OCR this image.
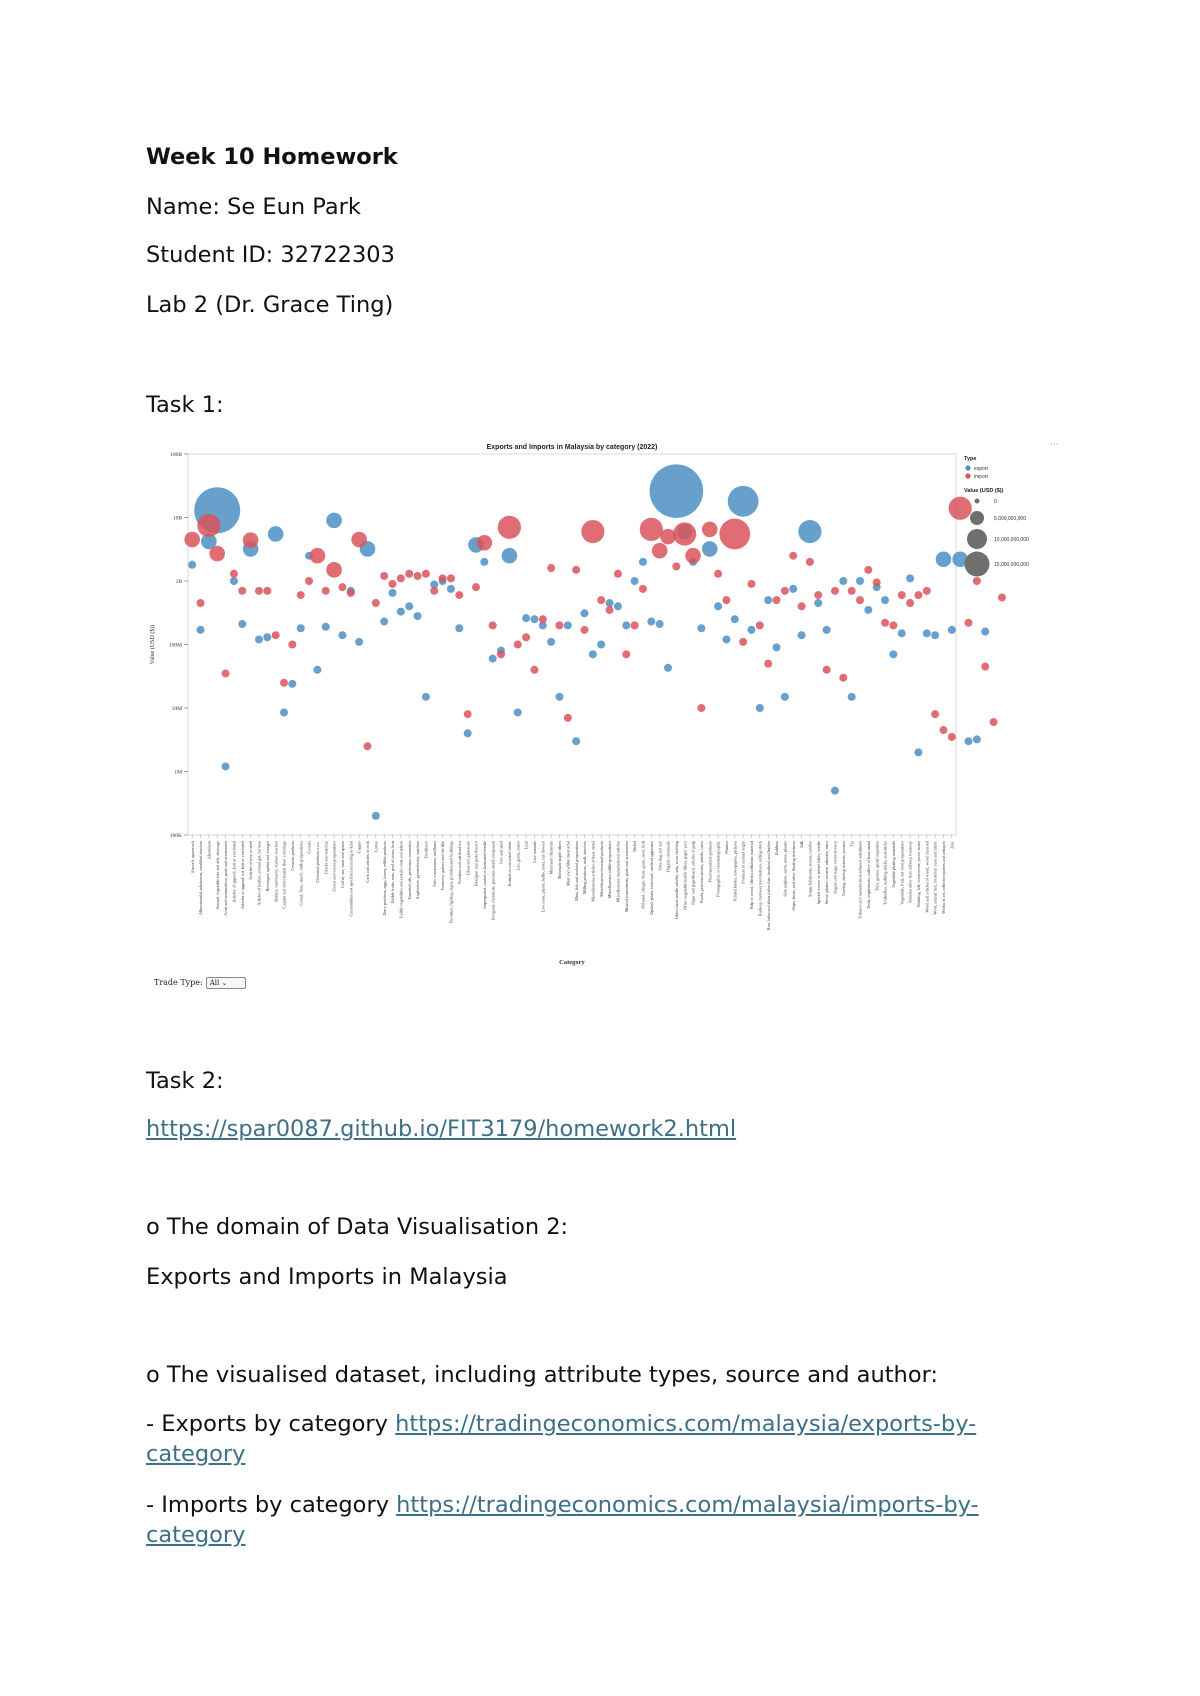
Week 10 Homework

Name: Se Eun Park

Student ID: 32722303

Lab 2 (Dr. Grace Ting)

Task 1:

Exports and Imports in Malaysia by category (2022)
100K
1M
10M
100M
1B
10B
100B
Value (USD ($))
Aircraft, spacecraft Albuminoidal substances, modified starches Aluminum Animal, vegetable fats and oils, cleavage Arms and ammunition, parts and accessories Articles of apparel, knit or crocheted Articles of apparel, not knit or crocheted Articles of iron or steel Articles of leather, animal gut, harness Beverages, spirits and vinegar Boilers, machinery; nuclear reactors Carpets and other textile floor coverings Ceramic products Cereal, flour, starch, milk preparations Cereals Chemical products n.e.c. Clocks and watches Cocoa and cocoa preparations Coffee, tea, mate and spices Commodities not specified according to kind Copper Cork and articles of cork Cotton Dairy products, eggs, honey, edible products Edible fruits, nuts, peel of citrus fruit Edible vegetables and certain roots and tubers Essential oils, perfumes, cosmetics Explosives, pyrotechnics, matches Fertilizers Fish, crustaceans, molluscs Footwear, gaiters and the like Furniture, lighting, signs, prefabricated buildings Furskins and artificial fur Glass and glassware Headgear and parts thereof Impregnated, coated or laminated textile Inorganic chemicals, precious metal compound Iron and steel Knitted or crocheted fabric Lac, gums, resins Lead Live animals Live trees, plants, bulbs, roots, cut flowers Manmade filaments Manmade staple fibers Meat and edible meat offal Meat, fish and seafood preparations Milling products, malt, starches Miscellaneous articles of base metal Miscellaneous chemical products Miscellaneous edible preparations Miscellaneous manufactured articles Musical instruments, parts and accessories Nickel Oil seed, oleagic fruits, grain, seed, fruit Optical, photo, technical, medical apparatus Ores slag and ash Organic chemicals Other made textile articles, sets, worn clothing Other vegetable textile fibers, paper yarn Paper and paperboard, articles of pulp Pearls, precious stones, metals, coins Pharmaceutical products Photographic or cinematographic Plastics Printed books, newspapers, pictures Products of animal origin Pulp of wood, fibrous cellulosic material Railway, tramway locomotives, rolling stock Raw hides and skins (other than furskins) and leather Rubbers Salt, sulphur, earth, stone, plaster Ships, boats, and other floating structures Silk Soaps, lubricants, waxes, candles Special woven or tufted fabric, textile Stone, plaster, cement, asbestos, mica Sugars and sugar confectionery Tanning, dyeing extracts, tannins Tin Tobacco and manufactures tobacco substitutes Tools, implements, cutlery of base metal Toys, games, sports requisites Umbrellas, walking-sticks, seat-sticks Vegetable plaiting materials Vegetable, fruit, nut food preparations Vehicles other than railway, tramway Wadding, felt, nonwovens, yarns, twine Wood and articles of wood, wood charcoal Wool, animal hair, horsehair yarn and fabric Works of art, collectors pieces and antiques Zinc
Category
Type
export
import
Value (USD ($))
0
5,000,000,000
10,000,000,000
15,000,000,000
···
Trade Type: All ⌄

Task 2:

https://spar0087.github.io/FIT3179/homework2.html

o The domain of Data Visualisation 2:

Exports and Imports in Malaysia

o The visualised dataset, including attribute types, source and author:

- Exports by category https://tradingeconomics.com/malaysia/exports-by-category

- Imports by category https://tradingeconomics.com/malaysia/imports-by-category
